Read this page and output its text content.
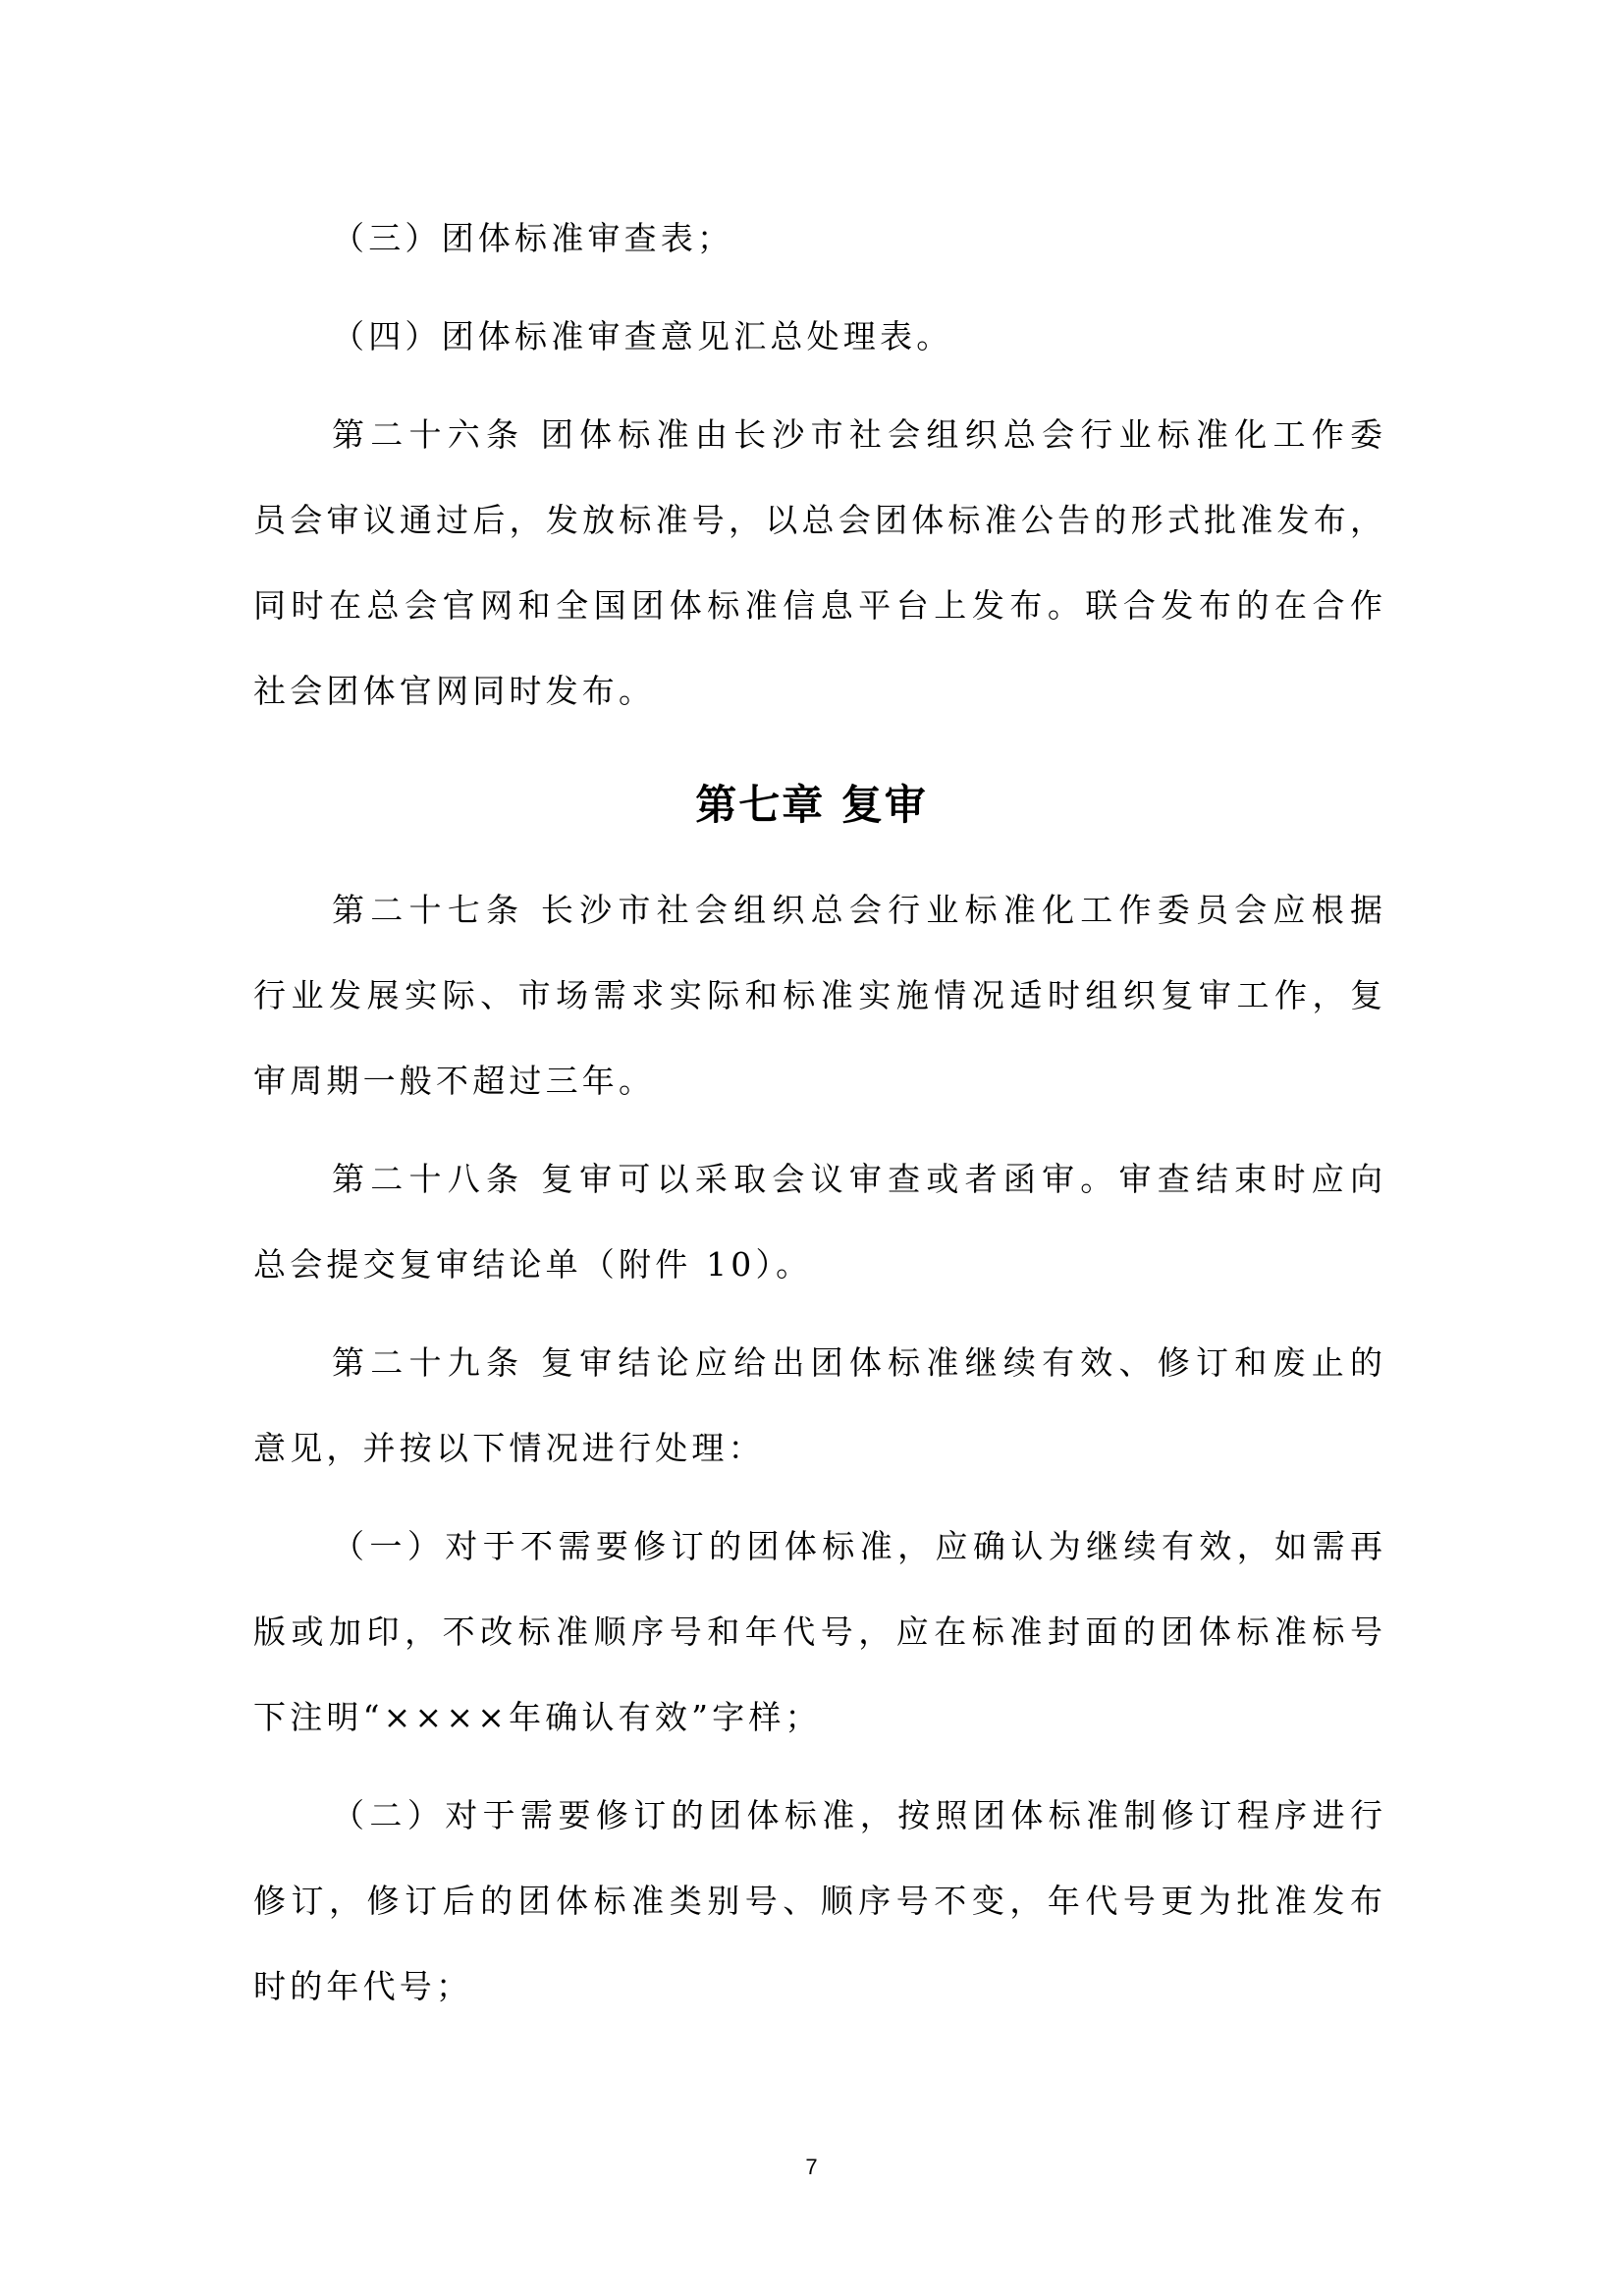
（三）团体标准审查表；
（四）团体标准审查意见汇总处理表。
第二十六条 团体标准由长沙市社会组织总会行业标准化工作委
员会审议通过后，发放标准号，以总会团体标准公告的形式批准发布，
同时在总会官网和全国团体标准信息平台上发布。联合发布的在合作
社会团体官网同时发布。
第七章 复审
第二十七条 长沙市社会组织总会行业标准化工作委员会应根据
行业发展实际、市场需求实际和标准实施情况适时组织复审工作，复
审周期一般不超过三年。
第二十八条 复审可以采取会议审查或者函审。审查结束时应向
总会提交复审结论单（附件 10）。
第二十九条 复审结论应给出团体标准继续有效、修订和废止的
意见，并按以下情况进行处理：
（一）对于不需要修订的团体标准，应确认为继续有效，如需再
版或加印，不改标准顺序号和年代号，应在标准封面的团体标准标号
下注明“××××年确认有效”字样；
（二）对于需要修订的团体标准，按照团体标准制修订程序进行
修订，修订后的团体标准类别号、顺序号不变，年代号更为批准发布
时的年代号；
7
